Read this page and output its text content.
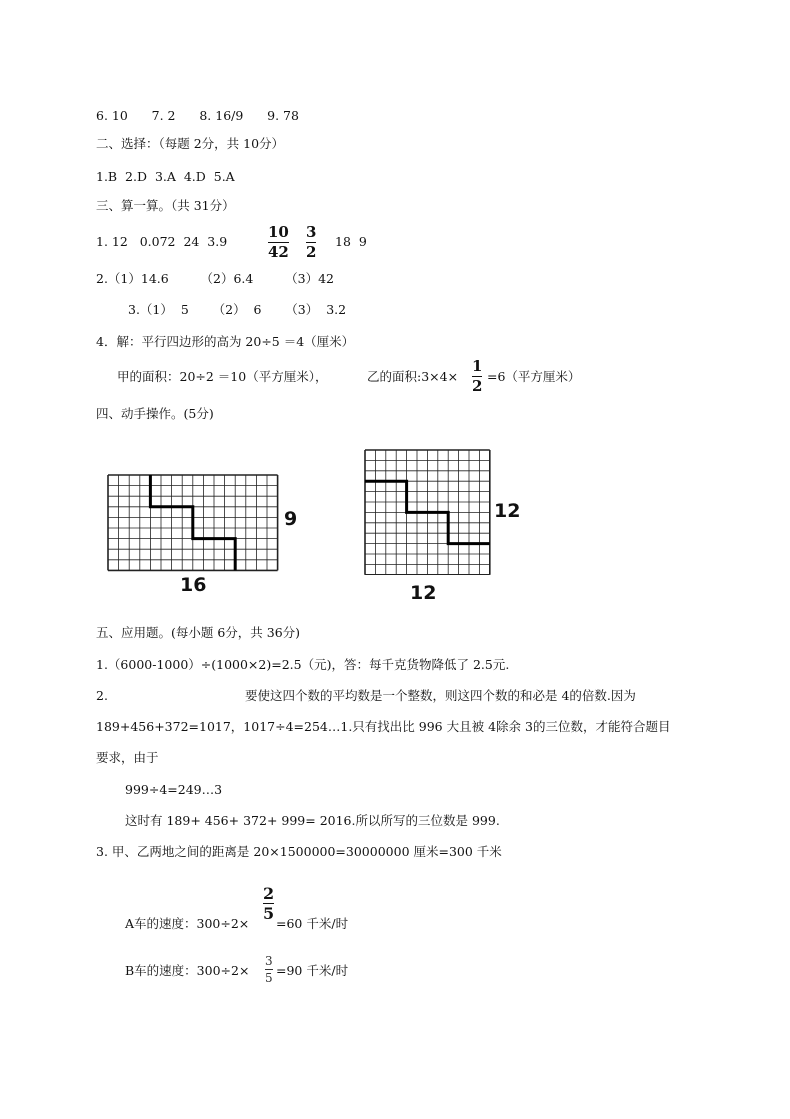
6. 10      7. 2      8. 16/9      9. 78
二、选择：（每题 2分，共 10分）
1.B  2.D  3.A  4.D  5.A
三、算一算。（共 31分）
1. 12   0.072  24  3.9
10
42
3
2
18  9
2.（1）14.6        （2）6.4        （3）42
3.（1）  5      （2）  6      （3）  3.2
4．解：平行四边形的高为 20÷5 ＝4（厘米）
甲的面积：20÷2 ＝10（平方厘米），	乙的面积:3×4×
1
2
=6（平方厘米）
四、动手操作。(5分)
9
16
12
12
五、应用题。(每小题 6分，共 36分)
1.（6000-1000）÷(1000×2)=2.5（元)，答：每千克货物降低了 2.5元.
2.	要使这四个数的平均数是一个整数，则这四个数的和必是 4的倍数.因为
189+456+372=1017，1017÷4=254…1.只有找出比 996 大且被 4除余 3的三位数，才能符合题目
要求，由于
999÷4=249…3
这时有 189+ 456+ 372+ 999= 2016.所以所写的三位数是 999.
3. 甲、乙两地之间的距离是 20×1500000=30000000 厘米=300 千米
A车的速度：300÷2×
2
5
=60 千米/时
B车的速度：300÷2×
3
5 =90 千米/时
